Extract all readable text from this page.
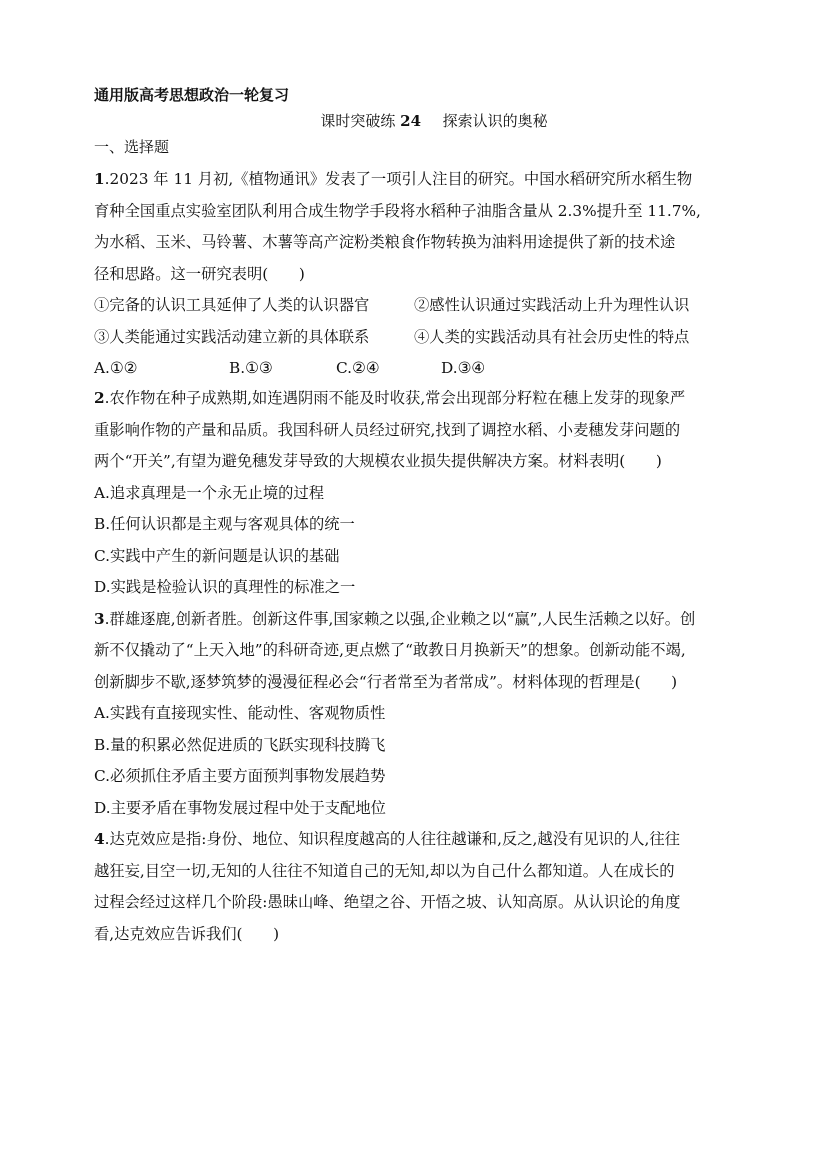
通用版高考思想政治一轮复习
课时突破练 24 探索认识的奥秘
一、选择题
1.2023 年 11 月初,《植物通讯》发表了一项引人注目的研究。中国水稻研究所水稻生物
育种全国重点实验室团队利用合成生物学手段将水稻种子油脂含量从 2.3%提升至 11.7%,
为水稻、玉米、马铃薯、木薯等高产淀粉类粮食作物转换为油料用途提供了新的技术途
径和思路。这一研究表明(　　)
①完备的认识工具延伸了人类的认识器官	②感性认识通过实践活动上升为理性认识
③人类能通过实践活动建立新的具体联系	④人类的实践活动具有社会历史性的特点
A.①②	B.①③	C.②④	D.③④
2.农作物在种子成熟期,如连遇阴雨不能及时收获,常会出现部分籽粒在穗上发芽的现象严
重影响作物的产量和品质。我国科研人员经过研究,找到了调控水稻、小麦穗发芽问题的
两个“开关”,有望为避免穗发芽导致的大规模农业损失提供解决方案。材料表明(　　)
A.追求真理是一个永无止境的过程
B.任何认识都是主观与客观具体的统一
C.实践中产生的新问题是认识的基础
D.实践是检验认识的真理性的标准之一
3.群雄逐鹿,创新者胜。创新这件事,国家赖之以强,企业赖之以“赢”,人民生活赖之以好。创
新不仅撬动了“上天入地”的科研奇迹,更点燃了“敢教日月换新天”的想象。创新动能不竭,
创新脚步不歇,逐梦筑梦的漫漫征程必会“行者常至为者常成”。材料体现的哲理是(　　)
A.实践有直接现实性、能动性、客观物质性
B.量的积累必然促进质的飞跃实现科技腾飞
C.必须抓住矛盾主要方面预判事物发展趋势
D.主要矛盾在事物发展过程中处于支配地位
4.达克效应是指:身份、地位、知识程度越高的人往往越谦和,反之,越没有见识的人,往往
越狂妄,目空一切,无知的人往往不知道自己的无知,却以为自己什么都知道。人在成长的
过程会经过这样几个阶段:愚昧山峰、绝望之谷、开悟之坡、认知高原。从认识论的角度
看,达克效应告诉我们(　　)
